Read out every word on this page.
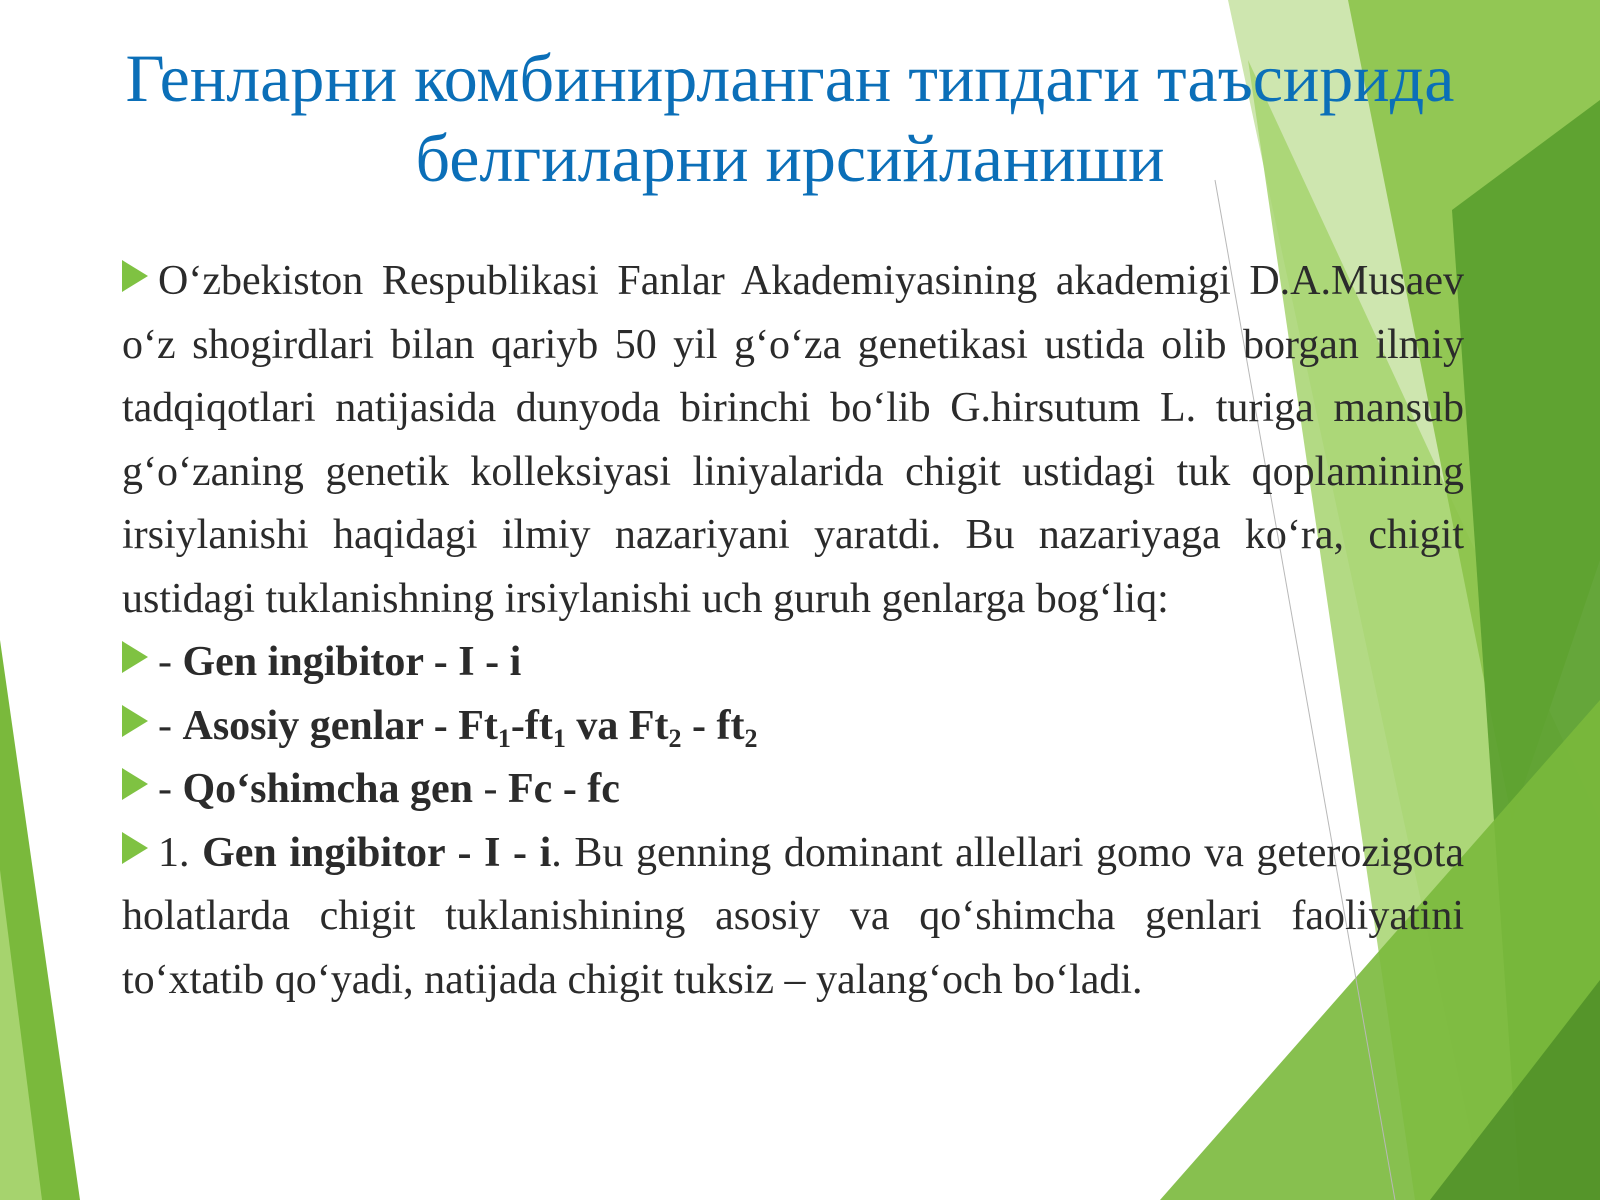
Генларни комбинирланган типдаги таъсирида
белгиларни ирсийланиши

Oʻzbekiston Respublikasi Fanlar Akademiyasining akademigi D.A.Musaev oʻz shogirdlari bilan qariyb 50 yil gʻoʻza genetikasi ustida olib borgan ilmiy tadqiqotlari natijasida dunyoda birinchi boʻlib G.hirsutum L. turiga mansub gʻoʻzaning genetik kolleksiyasi liniyalarida chigit ustidagi tuk qoplamining irsiylanishi haqidagi ilmiy nazariyani yaratdi. Bu nazariyaga koʻra, chigit ustidagi tuklanishning irsiylanishi uch guruh genlarga bogʻliq:

- Gen ingibitor - I - i

- Asosiy genlar - $Ft_1-ft_1$ va $Ft_2 - ft_2$

- Qoʻshimcha gen - Fc - fc

1. Gen ingibitor - I - i. Bu genning dominant allellari gomo va geterozigota holatlarda chigit tuklanishining asosiy va qoʻshimcha genlari faoliyatini toʻxtatib qoʻyadi, natijada chigit tuksiz – yalangʻoch boʻladi.
